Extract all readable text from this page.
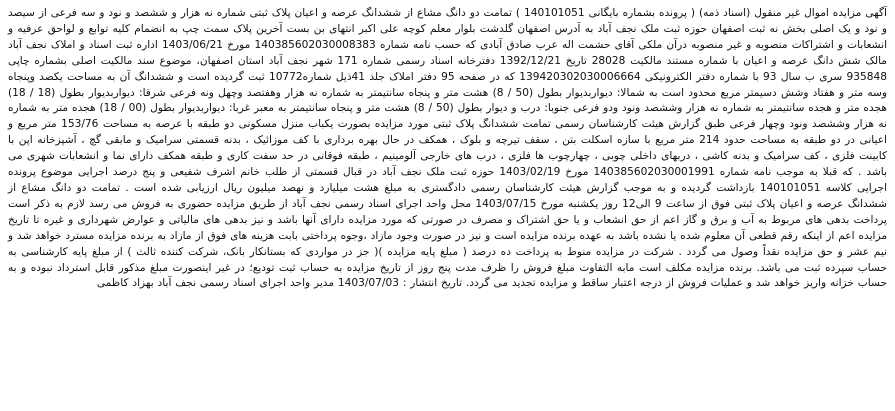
آگهی مزایده اموال غیر منقول (اسناد ذمه) ( پرونده بشماره بایگانی 140101051 ) تمامت دو دانگ مشاع از ششدانگ عرصه و اعیان پلاک ثبتی شماره نه هزار و ششصد و نود و سه فرعی از سیصد و نود و یک اصلی بخش نه ثبت اصفهان حوزه ثبت ملک نجف آباد به آدرس اصفهان گلدشت بلوار معلم کوچه علی اکبر انتهای بن بست آخرین پلاک سمت چپ به انضمام کلیه توابع و لواحق عرفیه و انشعابات و اشتراکات منصوبه و غیر منصوبه درآن ملکی آقای حشمت اله عرب صادق آبادی که حسب نامه شماره 140385602030008383 مورخ 1403/06/21 اداره ثبت اسناد و املاک نجف آباد مالک شش دانگ عرصه و اعیان با شماره مستند مالکیت 28028 تاریخ 1392/12/21 دفترخانه اسناد رسمی شماره 171 شهر نجف آباد استان اصفهان، موضوع سند مالکیت اصلی بشماره چاپی 935848 سری ب سال 93 با شماره دفتر الکترونیکی 139420302030006664 که در صفحه 95 دفتر املاک جلد 41ذیل شماره10772 ثبت گردیده است و ششدانگ آن به مساحت یکصد وپنجاه وسه متر و هفتاد وشش دسیمتر مربع محدود است به شمالا: دیواربدیوار بطول (50 / 8) هشت متر و پنجاه سانتیمتر به شماره نه هزار وهفتصد وچهل ونه فرعی شرقا: دیواربدیوار بطول (18 / 18) هجده متر و هجده سانتیمتر به شماره نه هزار وششصد ونود ودو فرعی جنوبا: درب و دیوار بطول (50 / 8) هشت متر و پنجاه سانتیمتر به معبر غربا: دیواربدیوار بطول (00 / 18) هجده متر به شماره نه هزار وششصد ونود وچهار فرعی طبق گزارش هیئت کارشناسان رسمی تمامت ششدانگ پلاک ثبتی مورد مزایده بصورت یکباب منزل مسکونی دو طبقه با عرصه به مساحت 153/76 متر مربع و اعیانی در دو طبقه به مساحت حدود 214 متر مربع با سازه اسکلت بتن ، سقف تیرچه و بلوک ، همکف در حال بهره برداری با کف موزائیک ، بدنه قسمتی سرامیک و مابقی گچ ، آشپزخانه اپن با کابینت فلزی ، کف سرامیک و بدنه کاشی ، دربهای داخلی چوبی ، چهارچوب ها فلزی ، درب های خارجی آلومینیم ، طبقه فوقانی در حد سفت کاری و طبقه همکف دارای نما و انشعابات شهری می باشد . که قبلا به موجب نامه شماره 140385602030001991 مورخ 1403/02/19 حوزه ثبت ملک نجف آباد در قبال قسمتی از طلب خانم اشرف شفیعی و پنج درصد اجرایی موضوع پرونده اجرایی کلاسه 140101051 بازداشت گردیده و به موجب گزارش هیئت کارشناسان رسمی دادگستری به مبلغ هشت میلیارد و نهصد میلیون ریال ارزیابی شده است . تمامت دو دانگ مشاع از ششدانگ عرصه و اعیان پلاک ثبتی فوق از ساعت 9 الی12 روز یکشنبه مورخ 1403/07/15 محل واحد اجرای اسناد رسمی نجف آباد از طریق مزایده حضوری به فروش می رسد لازم به ذکر است پرداخت بدهی های مربوط به آب و برق و گاز اعم از حق انشعاب و یا حق اشتراک و مصرف در صورتی که مورد مزایده دارای آنها باشد و نیز بدهی های مالیاتی و عوارض شهرداری و غیره تا تاریخ مزایده اعم از اینکه رقم قطعی آن معلوم شده یا نشده باشد به عهده برنده مزایده است و نیز در صورت وجود مازاد ،وجوه پرداختی بابت هزینه های فوق از مازاد به برنده مزایده مسترد خواهد شد و نیم عشر و حق مزایده نقداً وصول می گردد . شرکت در مزایده منوط به پرداخت ده درصد ( مبلغ پایه مزایده )( جز در مواردی که بستانکار بانک، شرکت کننده ثالث ) از مبلغ پایه کارشناسی به حساب سپرده ثبت می باشد. برنده مزایده مکلف است مابه التفاوت مبلغ فروش را ظرف مدت پنج روز از تاریخ مزایده به حساب ثبت تودیع؛ در غیر اینصورت مبلغ مذکور قابل استرداد نبوده و به حساب خزانه واریز خواهد شد و عملیات فروش از درجه اعتبار ساقط و مزایده تجدید می گردد. تاریخ انتشار : 1403/07/03 مدیر واحد اجرای اسناد رسمی نجف آباد بهزاد کاظمی
